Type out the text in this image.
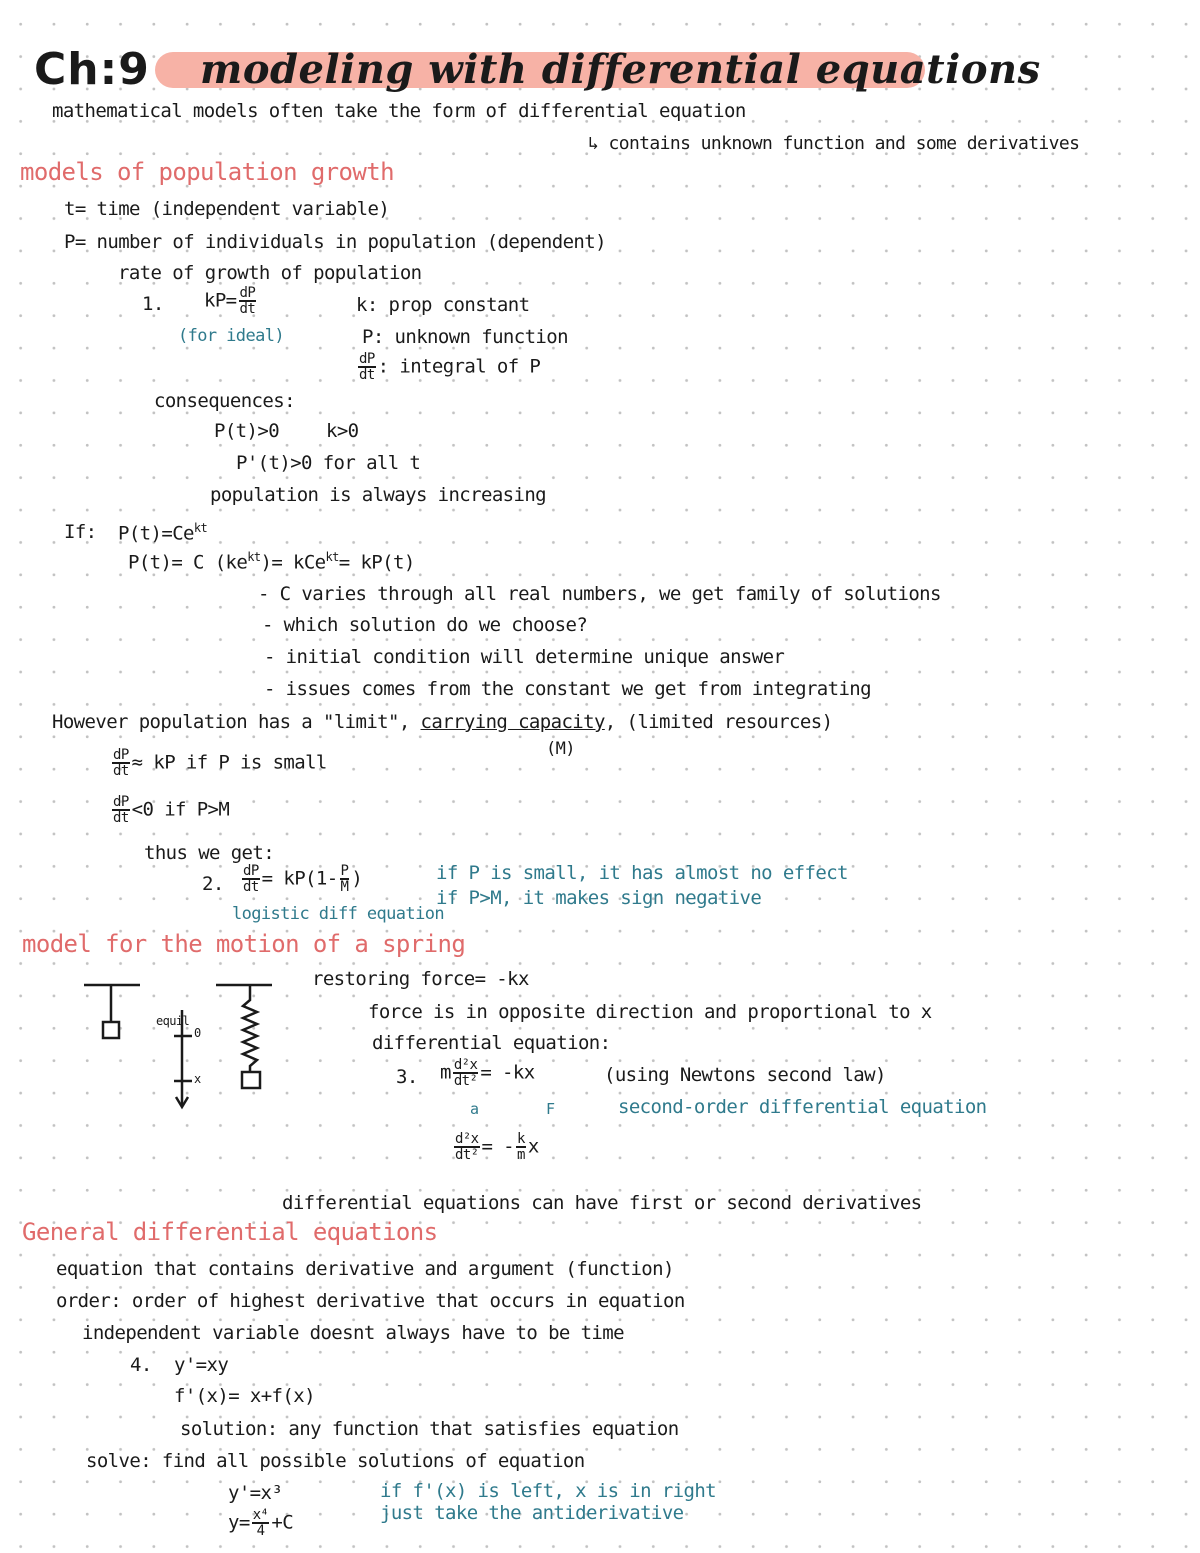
Ch:9 modeling with differential equations
mathematical models often take the form of differential equation
↳ contains unknown function and some derivatives
models of population growth
t= time (independent variable)
P= number of individuals in population (dependent)
rate of growth of population
1. $kP= \frac{dP}{dt}$
(for ideal)
k: prop constant
P: unknown function
$\frac{dP}{dt}$ : integral of P
consequences:
P(t)>0 k>0
P'(t)>0 for all t
population is always increasing
If: $P(t)=Ce^{kt}$
P(t)= C $(ke^{kt})= kCe^{kt}= kP(t)$
- C varies through all real numbers, we get family of solutions
- which solution do we choose?
- initial condition will determine unique answer
- issues comes from the constant we get from integrating
However population has a "limit", carrying capacity, (limited resources)
(M)
$\frac{dP}{dt}$ ≈ kP if P is small
$\frac{dP}{dt} <0$ if P>M
thus we get:
2. $\frac{dP}{dt} = kP(1- \frac{P}{M}$ )	if P is small, it has almost no effect
if P>M, it makes sign negative
logistic diff equation
model for the motion of a spring
equil
0
x
restoring force= -kx
force is in opposite direction and proportional to x
differential equation:
3. m $\frac{\text{d²x}}{\text{dt²}} = -kx$	(using Newtons second law)
a	F	second-order differential equation
$\frac{\text{d²x}}{\text{dt²}}$ = - $\frac{k}{m}$ x
differential equations can have first or second derivatives
General differential equations
equation that contains derivative and argument (function)
order: order of highest derivative that occurs in equation
independent variable doesnt always have to be time
4. y'=xy
f'(x)= x+f(x)
solution: any function that satisfies equation
solve: find all possible solutions of equation
y'=x³
$y= \frac{\text{x⁴}}{4} +C$
if f'(x) is left, x is in right
just take the antiderivative
